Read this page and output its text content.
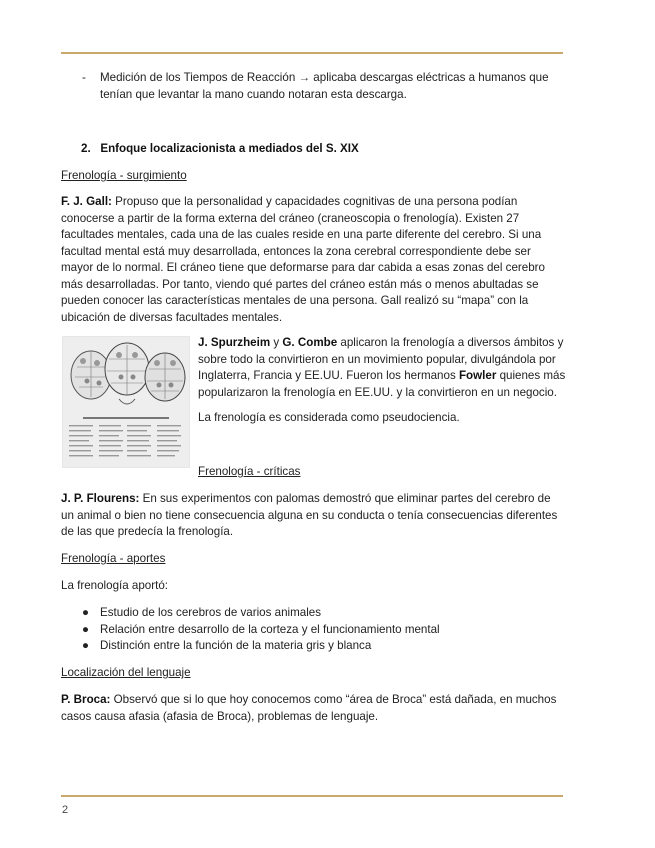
- Medición de los Tiempos de Reacción → aplicaba descargas eléctricas a humanos que
tenían que levantar la mano cuando notaran esta descarga.

2. Enfoque localizacionista a mediados del S. XIX

Frenología - surgimiento

F. J. Gall: Propuso que la personalidad y capacidades cognitivas de una persona podían
conocerse a partir de la forma externa del cráneo (craneoscopia o frenología). Existen 27
facultades mentales, cada una de las cuales reside en una parte diferente del cerebro. Si una
facultad mental está muy desarrollada, entonces la zona cerebral correspondiente debe ser
mayor de lo normal. El cráneo tiene que deformarse para dar cabida a esas zonas del cerebro
más desarrolladas. Por tanto, viendo qué partes del cráneo están más o menos abultadas se
pueden conocer las características mentales de una persona. Gall realizó su “mapa” con la
ubicación de diversas facultades mentales.

J. Spurzheim y G. Combe aplicaron la frenología a diversos ámbitos y
sobre todo la convirtieron en un movimiento popular, divulgándola por
Inglaterra, Francia y EE.UU. Fueron los hermanos Fowler quienes más
popularizaron la frenología en EE.UU. y la convirtieron en un negocio.

La frenología es considerada como pseudociencia.

Frenología - críticas

J. P. Flourens: En sus experimentos con palomas demostró que eliminar partes del cerebro de
un animal o bien no tiene consecuencia alguna en su conducta o tenía consecuencias diferentes
de las que predecía la frenología.

Frenología - aportes

La frenología aportó:

● Estudio de los cerebros de varios animales
● Relación entre desarrollo de la corteza y el funcionamiento mental
● Distinción entre la función de la materia gris y blanca

Localización del lenguaje

P. Broca: Observó que si lo que hoy conocemos como “área de Broca” está dañada, en muchos
casos causa afasia (afasia de Broca), problemas de lenguaje.

2
